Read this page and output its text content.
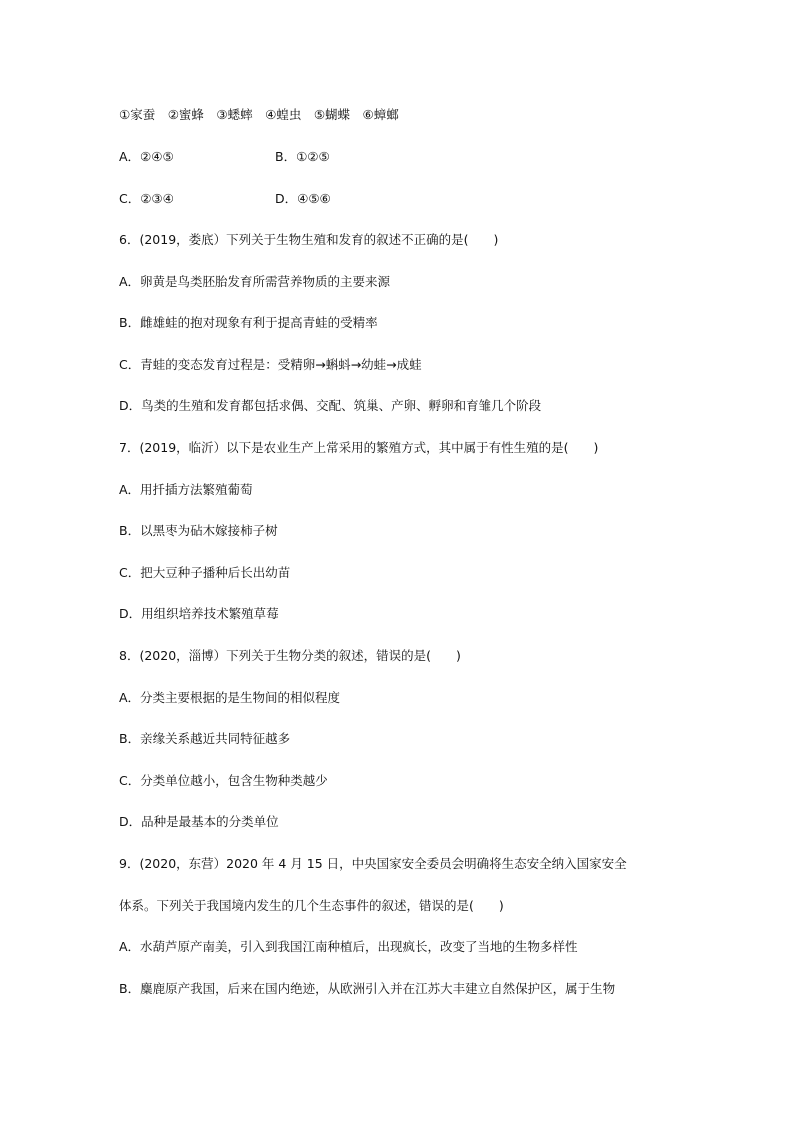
①家蚕　②蜜蜂　③蟋蟀　④蝗虫　⑤蝴蝶　⑥蟑螂
A．②④⑤	B．①②⑤
C．②③④	D．④⑤⑥
6．(2019，娄底）下列关于生物生殖和发育的叙述不正确的是(　　)
A．卵黄是鸟类胚胎发育所需营养物质的主要来源
B．雌雄蛙的抱对现象有利于提高青蛙的受精率
C．青蛙的变态发育过程是：受精卵→蝌蚪→幼蛙→成蛙
D．鸟类的生殖和发育都包括求偶、交配、筑巢、产卵、孵卵和育雏几个阶段
7．(2019，临沂）以下是农业生产上常采用的繁殖方式，其中属于有性生殖的是(　　)
A．用扦插方法繁殖葡萄
B．以黑枣为砧木嫁接柿子树
C．把大豆种子播种后长出幼苗
D．用组织培养技术繁殖草莓
8．(2020，淄博）下列关于生物分类的叙述，错误的是(　　)
A．分类主要根据的是生物间的相似程度
B．亲缘关系越近共同特征越多
C．分类单位越小，包含生物种类越少
D．品种是最基本的分类单位
9．(2020，东营）2020 年 4 月 15 日，中央国家安全委员会明确将生态安全纳入国家安全
体系。下列关于我国境内发生的几个生态事件的叙述，错误的是(　　)
A．水葫芦原产南美，引入到我国江南种植后，出现疯长，改变了当地的生物多样性
B．麋鹿原产我国，后来在国内绝迹，从欧洲引入并在江苏大丰建立自然保护区，属于生物
